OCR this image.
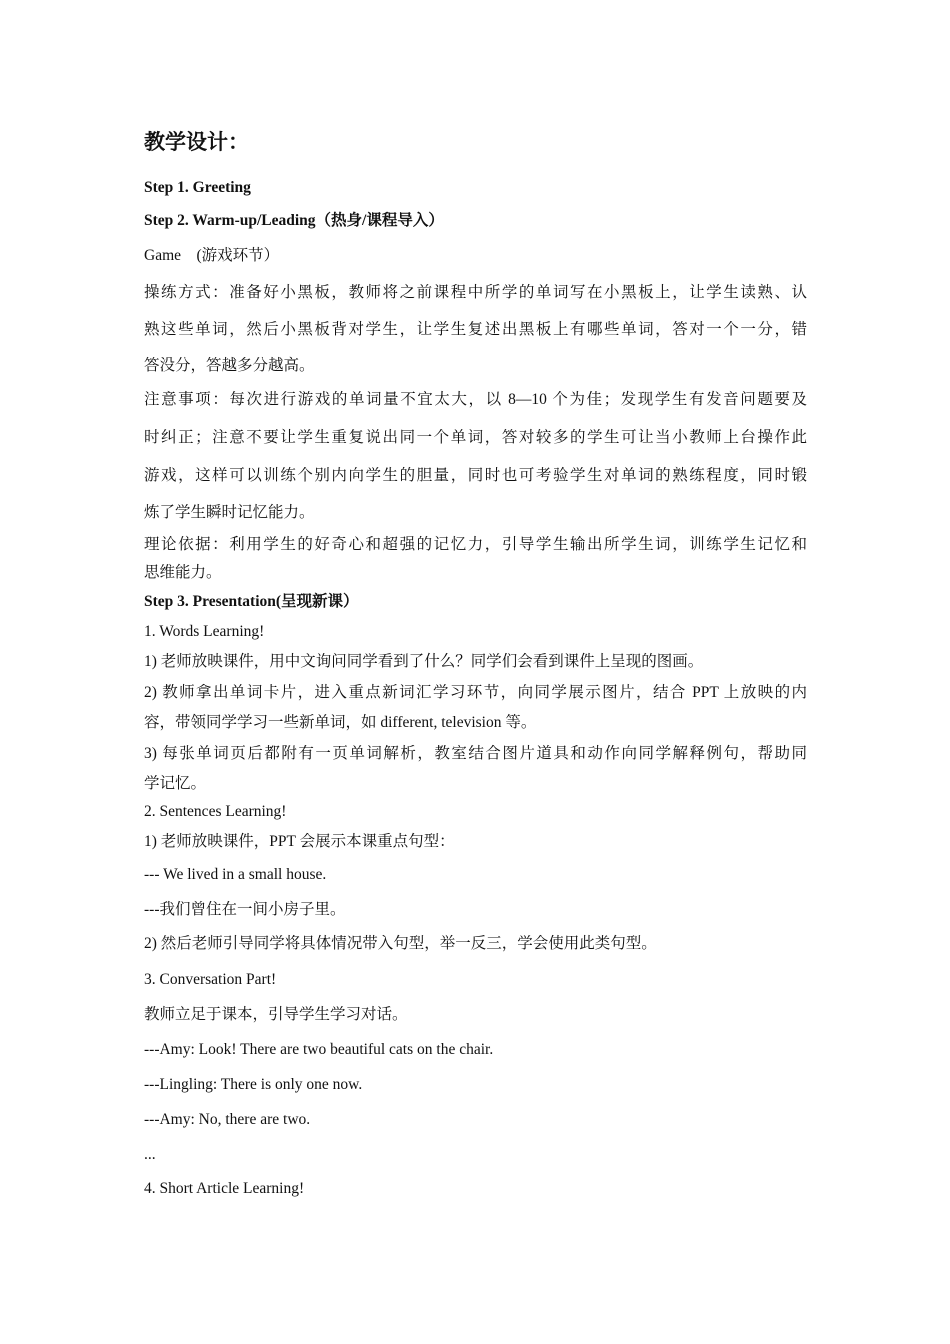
教学设计：
Step 1. Greeting
Step 2. Warm-up/Leading（热身/课程导入）
Game　(游戏环节）
操练方式：准备好小黑板，教师将之前课程中所学的单词写在小黑板上，让学生读熟、认
熟这些单词，然后小黑板背对学生，让学生复述出黑板上有哪些单词，答对一个一分，错
答没分，答越多分越高。
注意事项：每次进行游戏的单词量不宜太大，以 8—10 个为佳；发现学生有发音问题要及
时纠正；注意不要让学生重复说出同一个单词，答对较多的学生可让当小教师上台操作此
游戏，这样可以训练个别内向学生的胆量，同时也可考验学生对单词的熟练程度，同时锻
炼了学生瞬时记忆能力。
理论依据：利用学生的好奇心和超强的记忆力，引导学生输出所学生词，训练学生记忆和
思维能力。
Step 3. Presentation(呈现新课）
1. Words Learning!
1) 老师放映课件，用中文询问同学看到了什么？同学们会看到课件上呈现的图画。
2) 教师拿出单词卡片，进入重点新词汇学习环节，向同学展示图片，结合 PPT 上放映的内
容，带领同学学习一些新单词，如 different, television 等。
3) 每张单词页后都附有一页单词解析，教室结合图片道具和动作向同学解释例句，帮助同
学记忆。
2. Sentences Learning!
1) 老师放映课件，PPT 会展示本课重点句型：
--- We lived in a small house.
---我们曾住在一间小房子里。
2) 然后老师引导同学将具体情况带入句型，举一反三，学会使用此类句型。
3. Conversation Part!
教师立足于课本，引导学生学习对话。
---Amy: Look! There are two beautiful cats on the chair.
---Lingling: There is only one now.
---Amy: No, there are two.
...
4. Short Article Learning!
